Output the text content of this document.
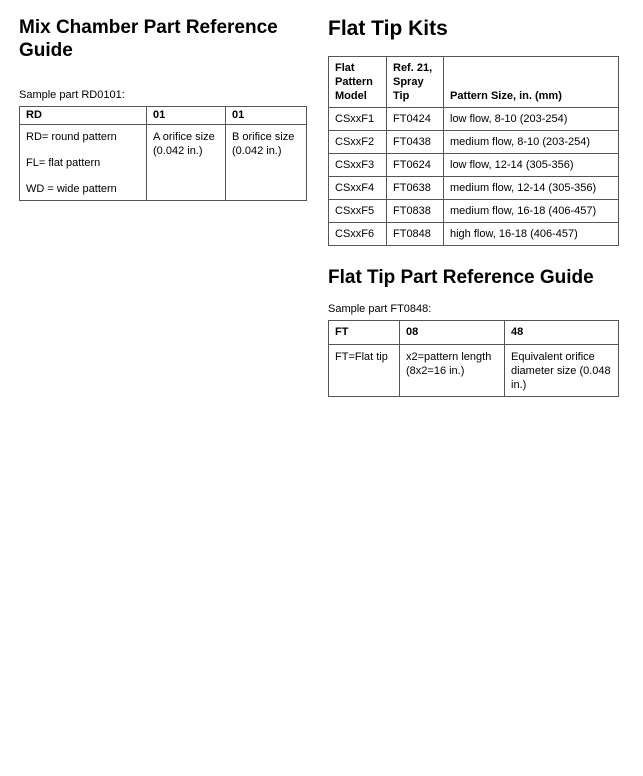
Mix Chamber Part Reference Guide
Sample part RD0101:
RD	01	01

RD= round pattern
FL= flat pattern
WD = wide pattern	A orifice size (0.042 in.)	B orifice size (0.042 in.)
Flat Tip Kits
Flat Pattern Model	Ref. 21, Spray Tip	Pattern Size, in. (mm)
CSxxF1	FT0424	low flow, 8-10 (203-254)
CSxxF2	FT0438	medium flow, 8-10 (203-254)
CSxxF3	FT0624	low flow, 12-14 (305-356)
CSxxF4	FT0638	medium flow, 12-14 (305-356)
CSxxF5	FT0838	medium flow, 16-18 (406-457)
CSxxF6	FT0848	high flow, 16-18 (406-457)
Flat Tip Part Reference Guide
Sample part FT0848:
FT	08	48
FT=Flat tip	x2=pattern length (8x2=16 in.)	Equivalent orifice diameter size (0.048 in.)
